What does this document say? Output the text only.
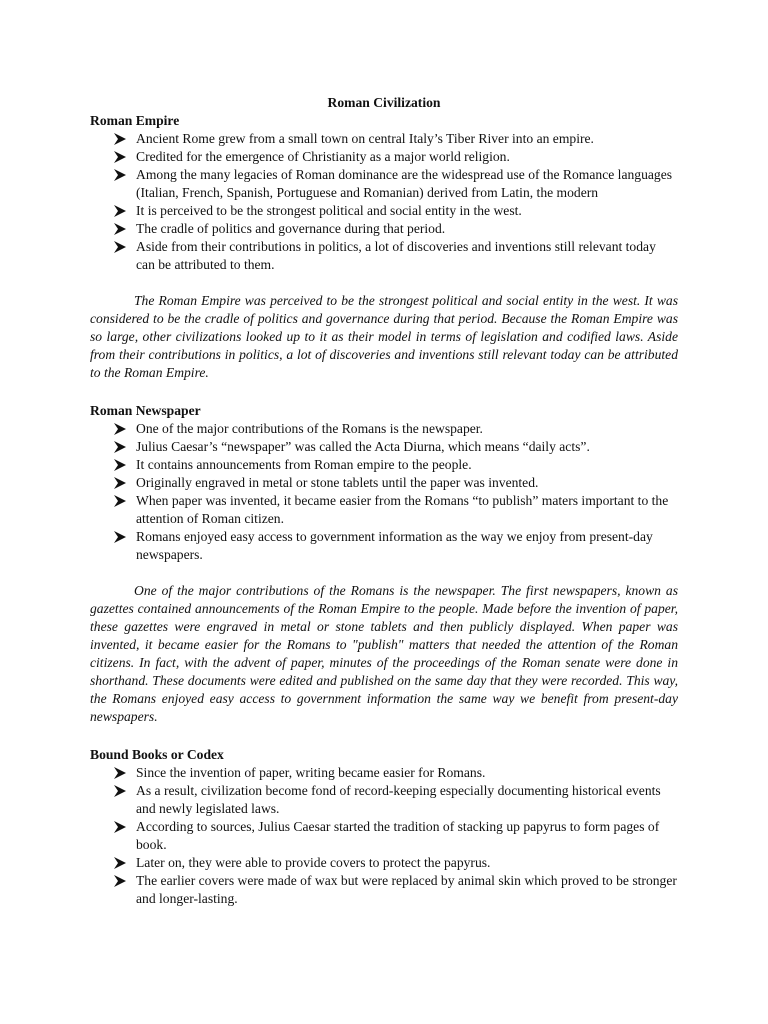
Roman Civilization
Roman Empire
Ancient Rome grew from a small town on central Italy’s Tiber River into an empire.
Credited for the emergence of Christianity as a major world religion.
Among the many legacies of Roman dominance are the widespread use of the Romance languages (Italian, French, Spanish, Portuguese and Romanian) derived from Latin, the modern
It is perceived to be the strongest political and social entity in the west.
The cradle of politics and governance during that period.
Aside from their contributions in politics, a lot of discoveries and inventions still relevant today can be attributed to them.

The Roman Empire was perceived to be the strongest political and social entity in the west. It was considered to be the cradle of politics and governance during that period. Because the Roman Empire was so large, other civilizations looked up to it as their model in terms of legislation and codified laws. Aside from their contributions in politics, a lot of discoveries and inventions still relevant today can be attributed to the Roman Empire.

Roman Newspaper
One of the major contributions of the Romans is the newspaper.
Julius Caesar’s “newspaper” was called the Acta Diurna, which means “daily acts”.
It contains announcements from Roman empire to the people.
Originally engraved in metal or stone tablets until the paper was invented.
When paper was invented, it became easier from the Romans “to publish” maters important to the attention of Roman citizen.
Romans enjoyed easy access to government information as the way we enjoy from present-day newspapers.

One of the major contributions of the Romans is the newspaper. The first newspapers, known as gazettes contained announcements of the Roman Empire to the people. Made before the invention of paper, these gazettes were engraved in metal or stone tablets and then publicly displayed. When paper was invented, it became easier for the Romans to "publish" matters that needed the attention of the Roman citizens. In fact, with the advent of paper, minutes of the proceedings of the Roman senate were done in shorthand. These documents were edited and published on the same day that they were recorded. This way, the Romans enjoyed easy access to government information the same way we benefit from present-day newspapers.

Bound Books or Codex
Since the invention of paper, writing became easier for Romans.
As a result, civilization become fond of record-keeping especially documenting historical events and newly legislated laws.
According to sources, Julius Caesar started the tradition of stacking up papyrus to form pages of book.
Later on, they were able to provide covers to protect the papyrus.
The earlier covers were made of wax but were replaced by animal skin which proved to be stronger and longer-lasting.
